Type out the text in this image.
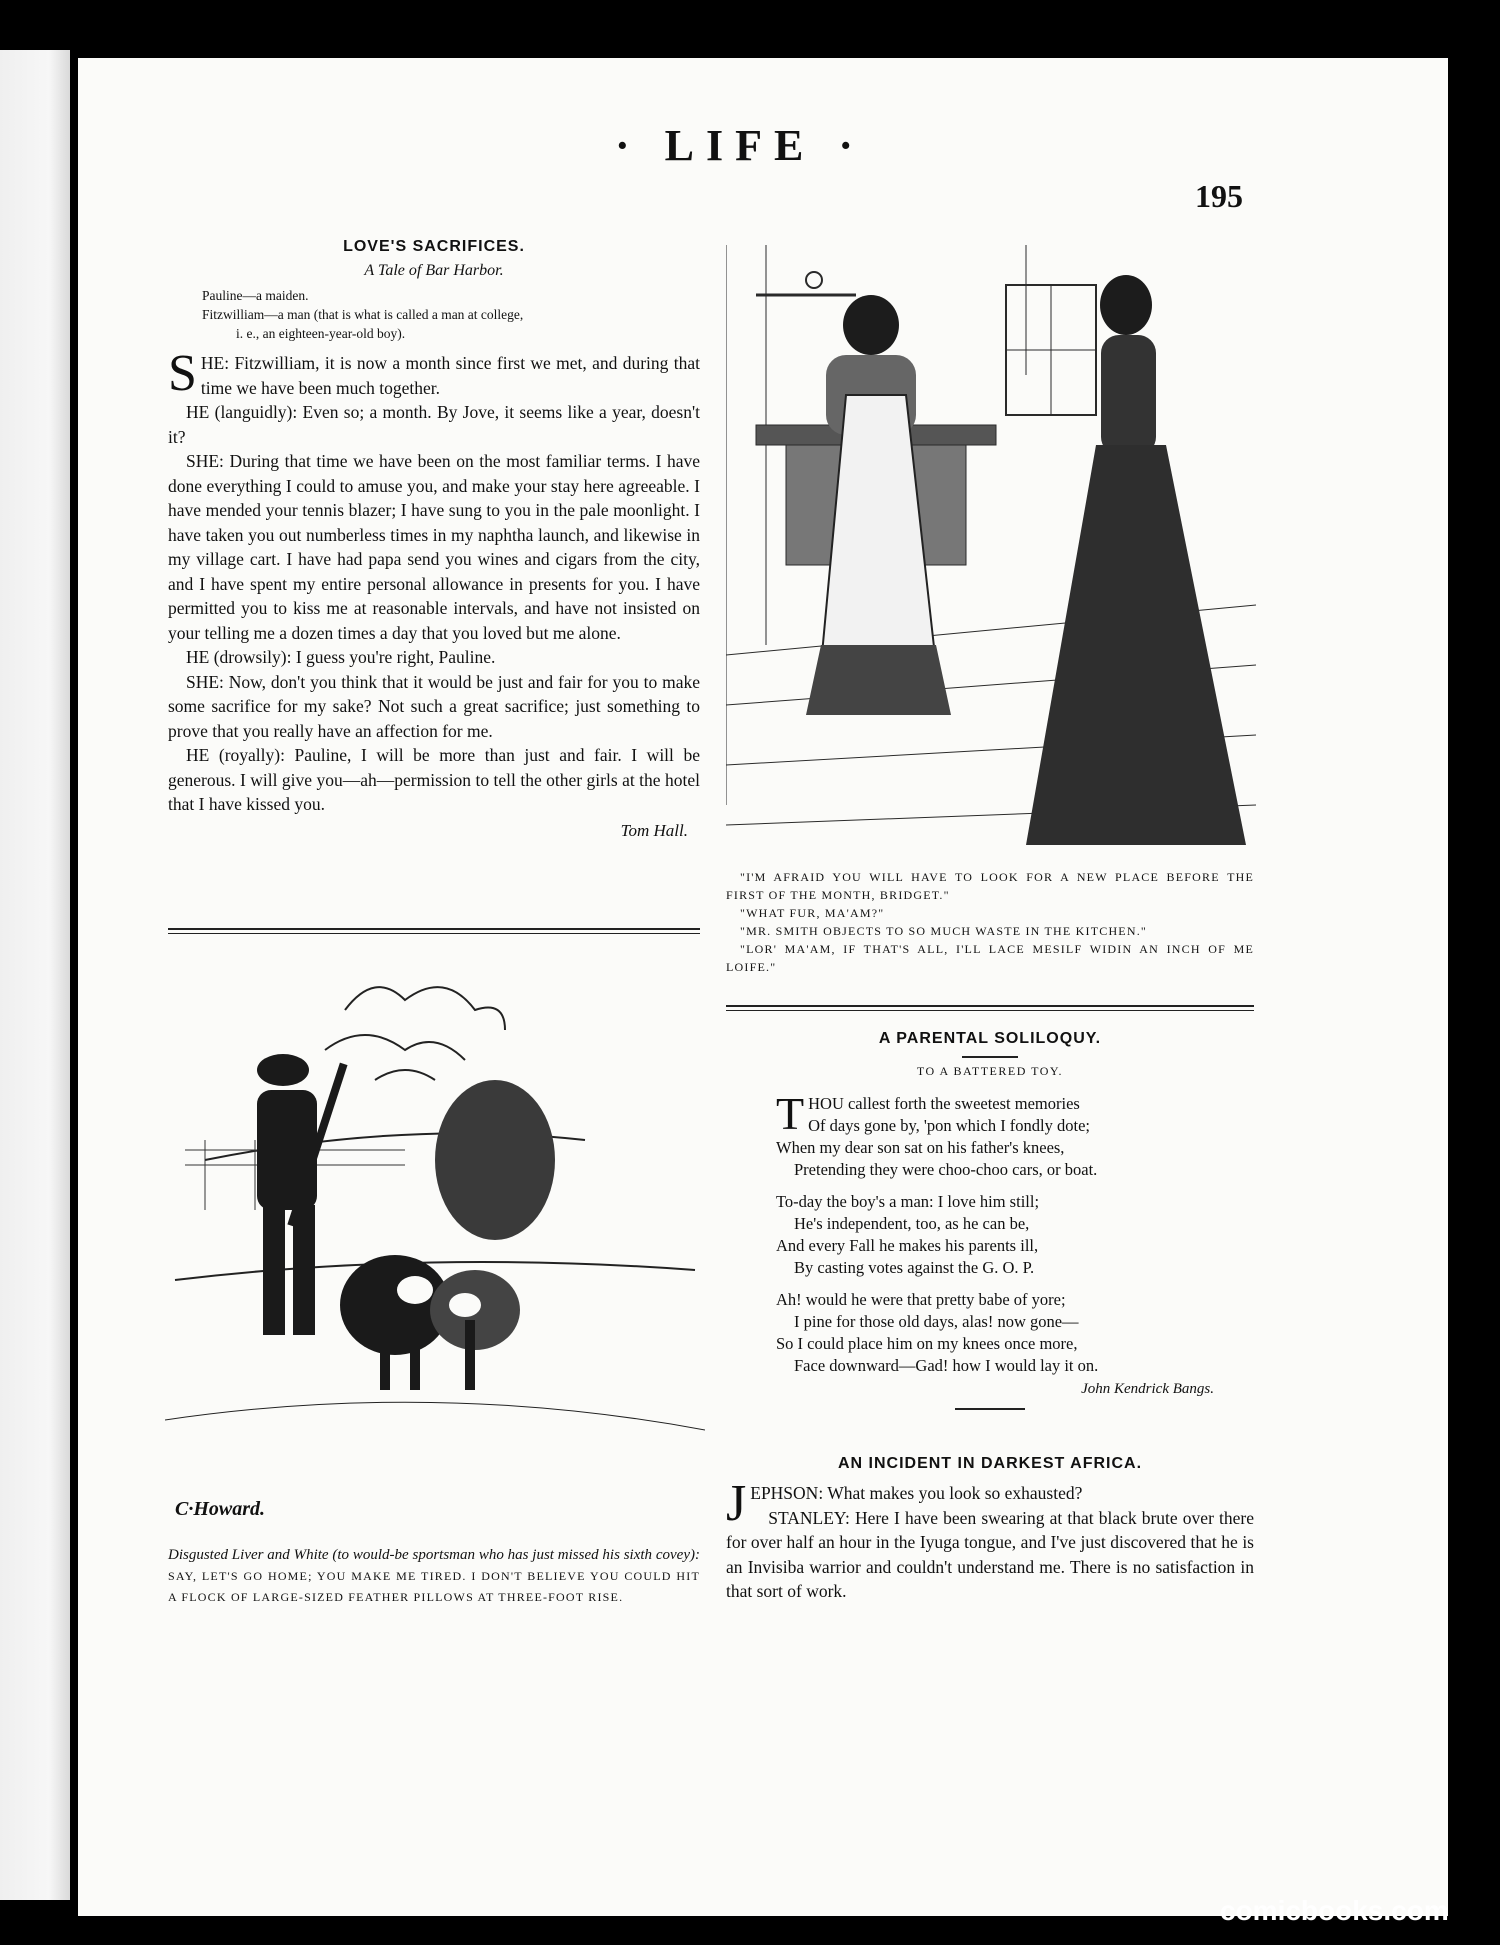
· LIFE ·
195
LOVE'S SACRIFICES.
A Tale of Bar Harbor.
Pauline—a maiden.
Fitzwilliam—a man (that is what is called a man at college,
i. e., an eighteen-year-old boy).

SHE: Fitzwilliam, it is now a month since first we met, and during that time we have been much together.

HE (languidly): Even so; a month. By Jove, it seems like a year, doesn't it?

SHE: During that time we have been on the most familiar terms. I have done everything I could to amuse you, and make your stay here agreeable. I have mended your tennis blazer; I have sung to you in the pale moonlight. I have taken you out numberless times in my naphtha launch, and likewise in my village cart. I have had papa send you wines and cigars from the city, and I have spent my entire personal allowance in presents for you. I have permitted you to kiss me at reasonable intervals, and have not insisted on your telling me a dozen times a day that you loved but me alone.

HE (drowsily): I guess you're right, Pauline.

SHE: Now, don't you think that it would be just and fair for you to make some sacrifice for my sake? Not such a great sacrifice; just something to prove that you really have an affection for me.

HE (royally): Pauline, I will be more than just and fair. I will be generous. I will give you—ah—permission to tell the other girls at the hotel that I have kissed you.

Tom Hall.
C·Howard.
Disgusted Liver and White (to would-be sportsman who has just missed his sixth covey): SAY, LET'S GO HOME; YOU MAKE ME TIRED. I DON'T BELIEVE YOU COULD HIT A FLOCK OF LARGE-SIZED FEATHER PILLOWS AT THREE-FOOT RISE.
"I'M AFRAID YOU WILL HAVE TO LOOK FOR A NEW PLACE BEFORE THE FIRST OF THE MONTH, BRIDGET."
"WHAT FUR, MA'AM?"
"MR. SMITH OBJECTS TO SO MUCH WASTE IN THE KITCHEN."
"LOR' MA'AM, IF THAT'S ALL, I'LL LACE MESILF WIDIN AN INCH OF ME LOIFE."
A PARENTAL SOLILOQUY.
TO A BATTERED TOY.
THOU callest forth the sweetest memories
Of days gone by, 'pon which I fondly dote;
When my dear son sat on his father's knees,
Pretending they were choo-choo cars, or boat.
To-day the boy's a man: I love him still;
He's independent, too, as he can be,
And every Fall he makes his parents ill,
By casting votes against the G. O. P.
Ah! would he were that pretty babe of yore;
I pine for those old days, alas! now gone—
So I could place him on my knees once more,
Face downward—Gad! how I would lay it on.
John Kendrick Bangs.
AN INCIDENT IN DARKEST AFRICA.

JEPHSON: What makes you look so exhausted?

STANLEY: Here I have been swearing at that black brute over there for over half an hour in the Iyuga tongue, and I've just discovered that he is an Invisiba warrior and couldn't understand me. There is no satisfaction in that sort of work.

comicbooks.com
